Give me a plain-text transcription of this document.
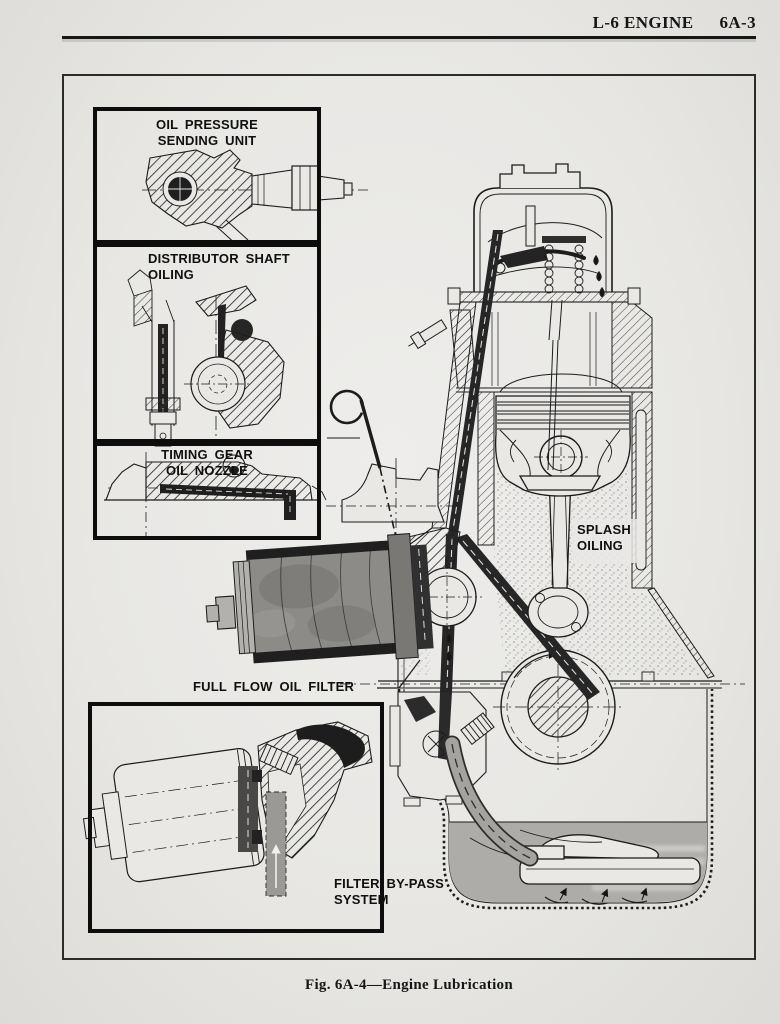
L-6 ENGINE 6A-3
OIL PRESSURE
SENDING UNIT
DISTRIBUTOR SHAFT
OILING
TIMING GEAR
OIL NOZZLE
FILTER BY-PASS
SYSTEM
FULL FLOW OIL FILTER
SPLASH
OILING
Fig. 6A-4—Engine Lubrication
